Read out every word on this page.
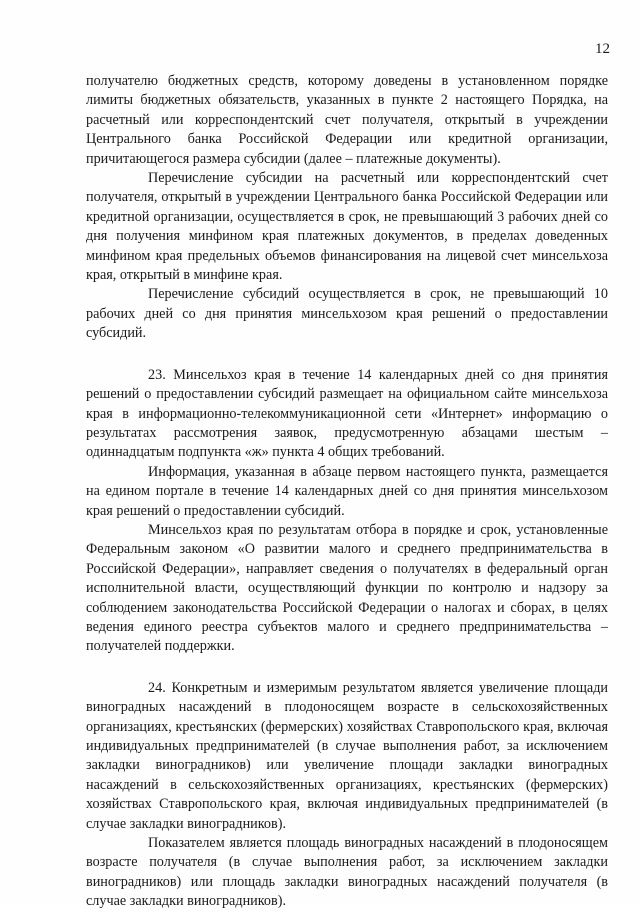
12

получателю бюджетных средств, которому доведены в установленном порядке лимиты бюджетных обязательств, указанных в пункте 2 настоящего Порядка, на расчетный или корреспондентский счет получателя, открытый в учреждении Центрального банка Российской Федерации или кредитной организации, причитающегося размера субсидии (далее – платежные документы).

Перечисление субсидии на расчетный или корреспондентский счет получателя, открытый в учреждении Центрального банка Российской Федерации или кредитной организации, осуществляется в срок, не превышающий 3 рабочих дней со дня получения минфином края платежных документов, в пределах доведенных минфином края предельных объемов финансирования на лицевой счет минсельхоза края, открытый в минфине края.

Перечисление субсидий осуществляется в срок, не превышающий 10 рабочих дней со дня принятия минсельхозом края решений о предоставлении субсидий.

23. Минсельхоз края в течение 14 календарных дней со дня принятия решений о предоставлении субсидий размещает на официальном сайте минсельхоза края в информационно-телекоммуникационной сети «Интернет» информацию о результатах рассмотрения заявок, предусмотренную абзацами шестым – одиннадцатым подпункта «ж» пункта 4 общих требований.

Информация, указанная в абзаце первом настоящего пункта, размещается на едином портале в течение 14 календарных дней со дня принятия минсельхозом края решений о предоставлении субсидий.

Минсельхоз края по результатам отбора в порядке и срок, установленные Федеральным законом «О развитии малого и среднего предпринимательства в Российской Федерации», направляет сведения о получателях в федеральный орган исполнительной власти, осуществляющий функции по контролю и надзору за соблюдением законодательства Российской Федерации о налогах и сборах, в целях ведения единого реестра субъектов малого и среднего предпринимательства – получателей поддержки.

24. Конкретным и измеримым результатом является увеличение площади виноградных насаждений в плодоносящем возрасте в сельскохозяйственных организациях, крестьянских (фермерских) хозяйствах Ставропольского края, включая индивидуальных предпринимателей (в случае выполнения работ, за исключением закладки виноградников) или увеличение площади закладки виноградных насаждений в сельскохозяйственных организациях, крестьянских (фермерских) хозяйствах Ставропольского края, включая индивидуальных предпринимателей (в случае закладки виноградников).

Показателем является площадь виноградных насаждений в плодоносящем возрасте получателя (в случае выполнения работ, за исключением закладки виноградников) или площадь закладки виноградных насаждений получателя (в случае закладки виноградников).
